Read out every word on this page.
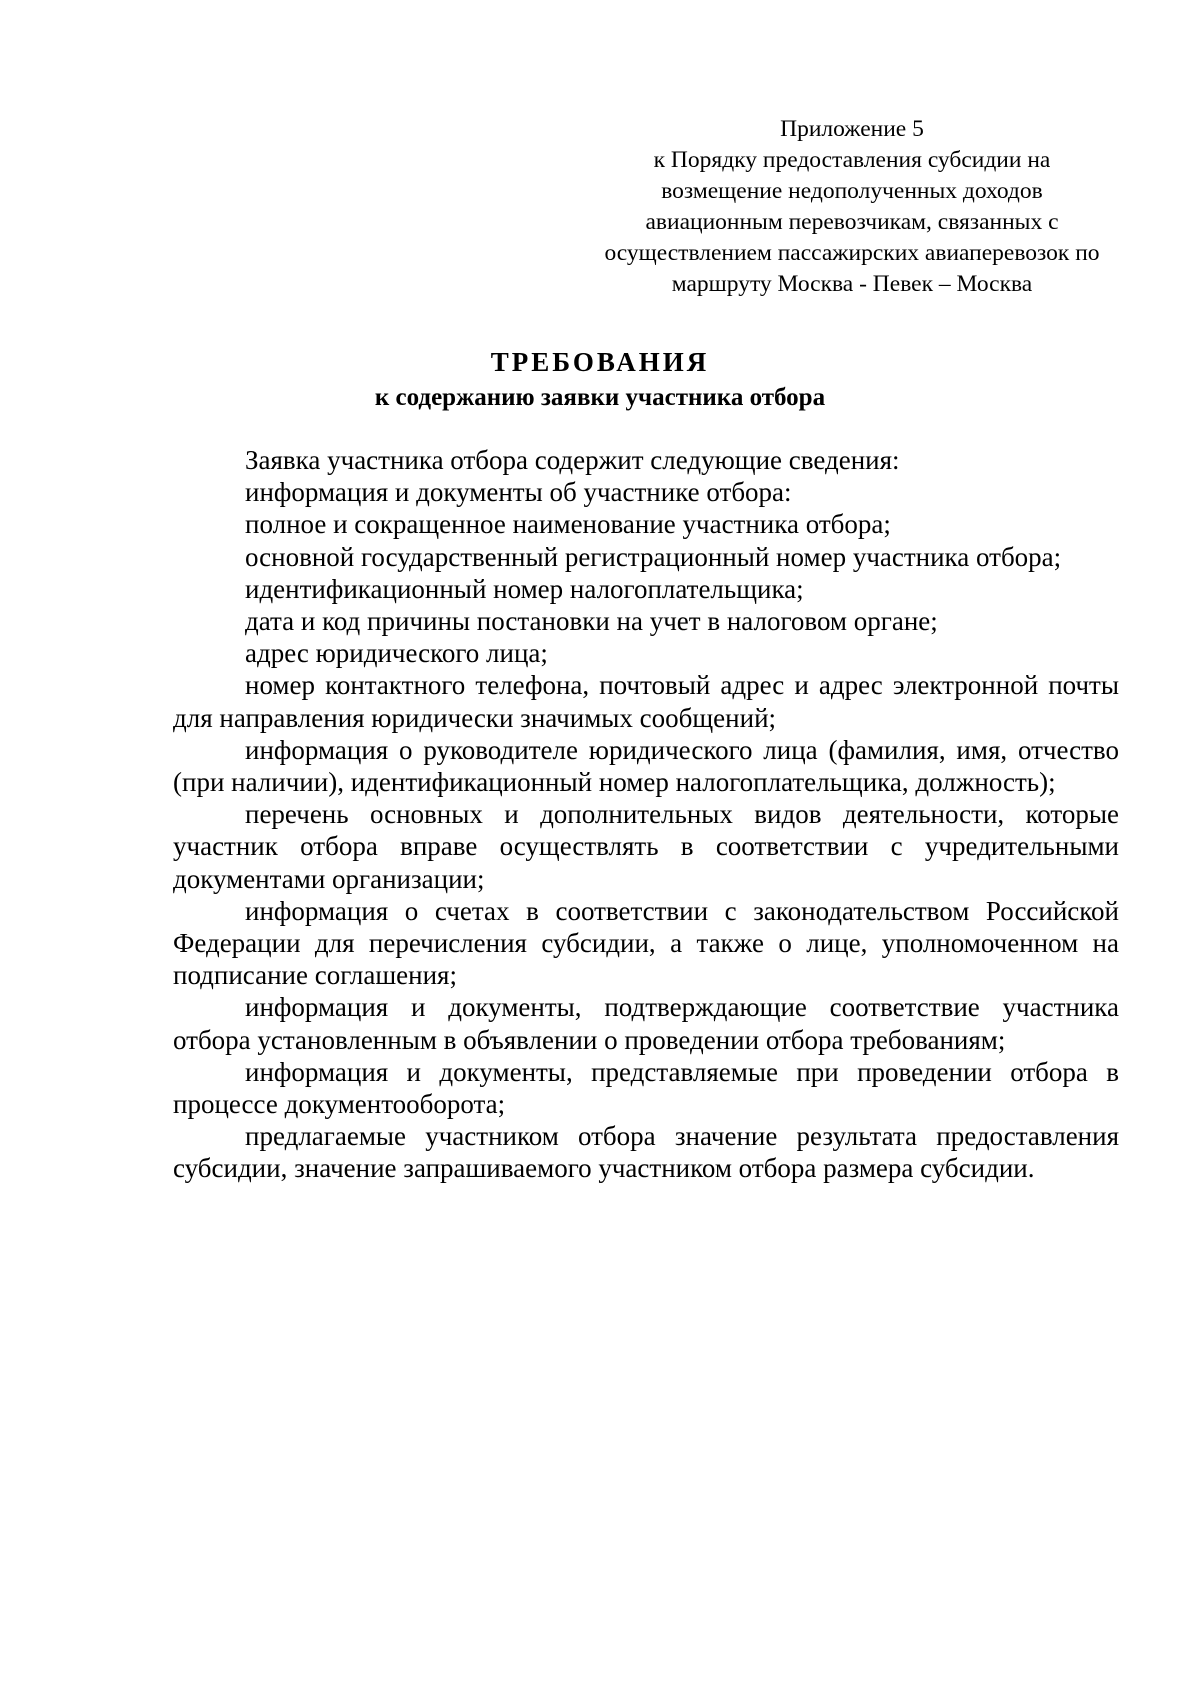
Приложение 5
к Порядку предоставления субсидии на
возмещение недополученных доходов
авиационным перевозчикам, связанных с
осуществлением пассажирских авиаперевозок по
маршруту Москва - Певек – Москва
ТРЕБОВАНИЯ
к содержанию заявки участника отбора

Заявка участника отбора содержит следующие сведения:

информация и документы об участнике отбора:

полное и сокращенное наименование участника отбора;

основной государственный регистрационный номер участника отбора;

идентификационный номер налогоплательщика;

дата и код причины постановки на учет в налоговом органе;

адрес юридического лица;

номер контактного телефона, почтовый адрес и адрес электронной почты для направления юридически значимых сообщений;

информация о руководителе юридического лица (фамилия, имя, отчество (при наличии), идентификационный номер налогоплательщика, должность);

перечень основных и дополнительных видов деятельности, которые участник отбора вправе осуществлять в соответствии с учредительными документами организации;

информация о счетах в соответствии с законодательством Российской Федерации для перечисления субсидии, а также о лице, уполномоченном на подписание соглашения;

информация и документы, подтверждающие соответствие участника отбора установленным в объявлении о проведении отбора требованиям;

информация и документы, представляемые при проведении отбора в процессе документооборота;

предлагаемые участником отбора значение результата предоставления субсидии, значение запрашиваемого участником отбора размера субсидии.
